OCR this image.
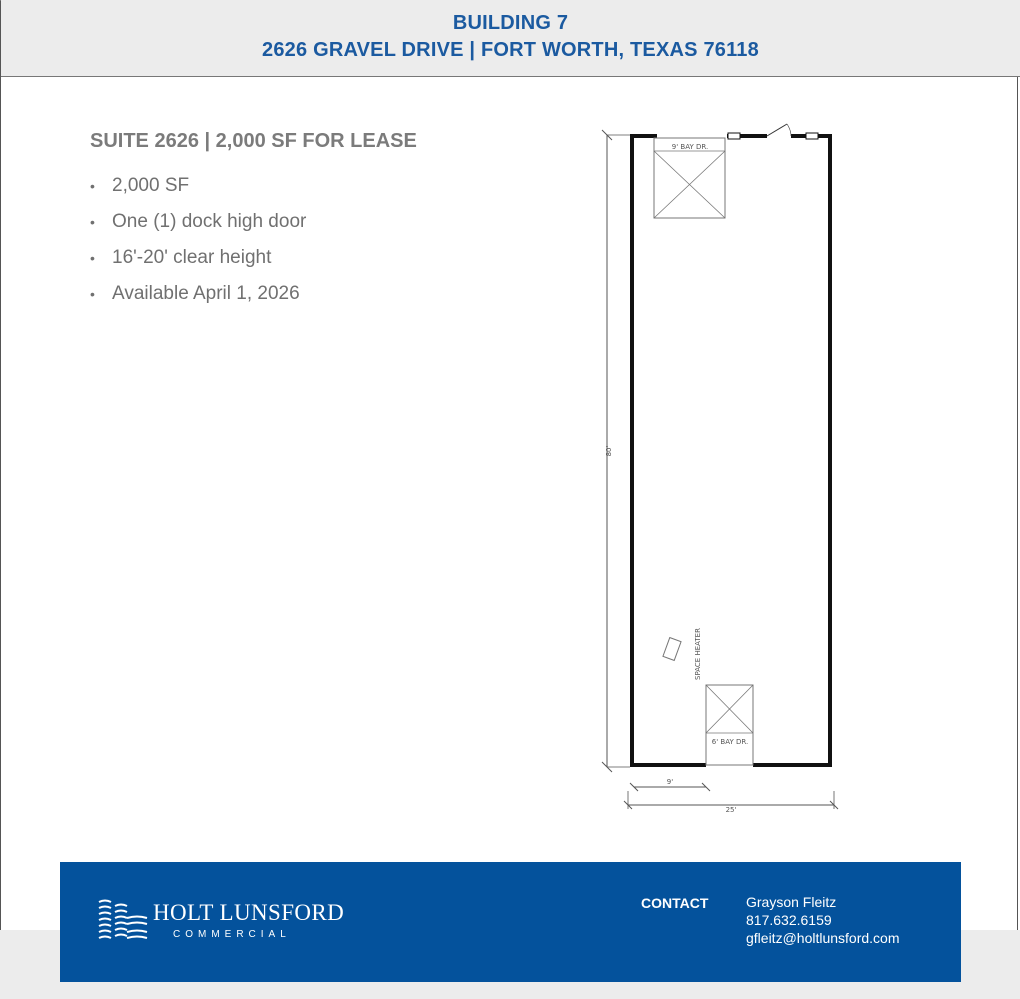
BUILDING 7
2626 GRAVEL DRIVE | FORT WORTH, TEXAS 76118
SUITE 2626 | 2,000 SF FOR LEASE
• 2,000 SF
• One (1) dock high door
• 16'-20' clear height
• Available April 1, 2026
80'
9' BAY DR.
SPACE HEATER
6' BAY DR.
9'
25'
HOLT LUNSFORD
COMMERCIAL
CONTACT	Grayson Fleitz
817.632.6159
gfleitz@holtlunsford.com
